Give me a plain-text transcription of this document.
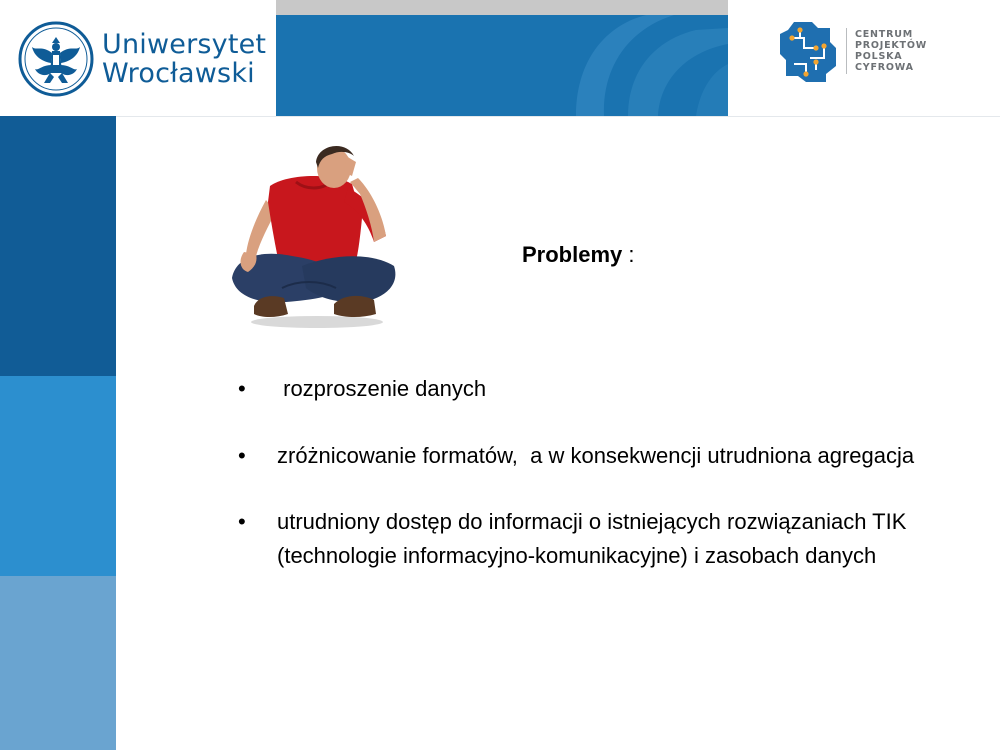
Uniwersytet
Wrocławski
CENTRUM
PROJEKTÓW
POLSKA
CYFROWA
Problemy :
• rozproszenie danych
• zróżnicowanie formatów,  a w konsekwencji utrudniona agregacja
• utrudniony dostęp do informacji o istniejących rozwiązaniach TIK (technologie informacyjno-komunikacyjne) i zasobach danych
